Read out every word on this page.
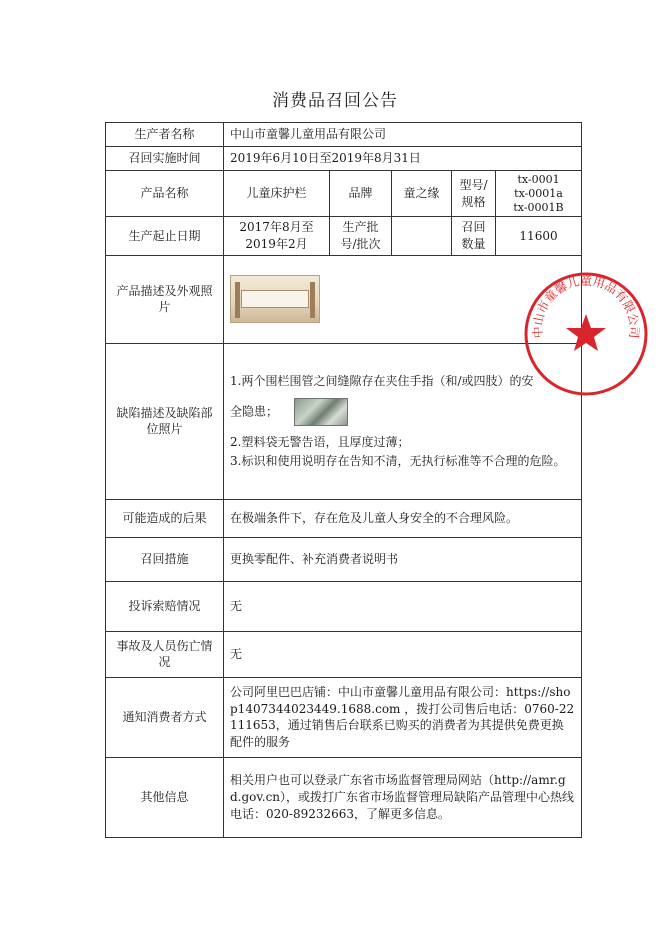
消费品召回公告
生产者名称	中山市童馨儿童用品有限公司				
召回实施时间	2019年6月10日至2019年8月31日				
产品名称	儿童床护栏	品牌	童之缘	型号/规格	tx-0001
tx-0001a
tx-0001B

生产起止日期	2017年8月至2019年2月	生产批号/批次		召回数量	11600
产品描述及外观照片					

缺陷描述及缺陷部位照片	1.两个围栏围管之间缝隙存在夹住手指（和/或四肢）的安
全隐患；
2.塑料袋无警告语，且厚度过薄；
3.标识和使用说明存在告知不清，无执行标准等不合理的危险。				

可能造成的后果	在极端条件下，存在危及儿童人身安全的不合理风险。				
召回措施	更换零配件、补充消费者说明书				
投诉索赔情况	无				
事故及人员伤亡情况	无				
通知消费者方式	公司阿里巴巴店铺：中山市童馨儿童用品有限公司：https://shop1407344023449.1688.com ，拨打公司售后电话：0760-22111653，通过销售后台联系已购买的消费者为其提供免费更换配件的服务				
其他信息	相关用户也可以登录广东省市场监督管理局网站（http://amr.gd.gov.cn），或拨打广东省市场监督管理局缺陷产品管理中心热线电话：020-89232663，了解更多信息。				
中山市童馨儿童用品有限公司
